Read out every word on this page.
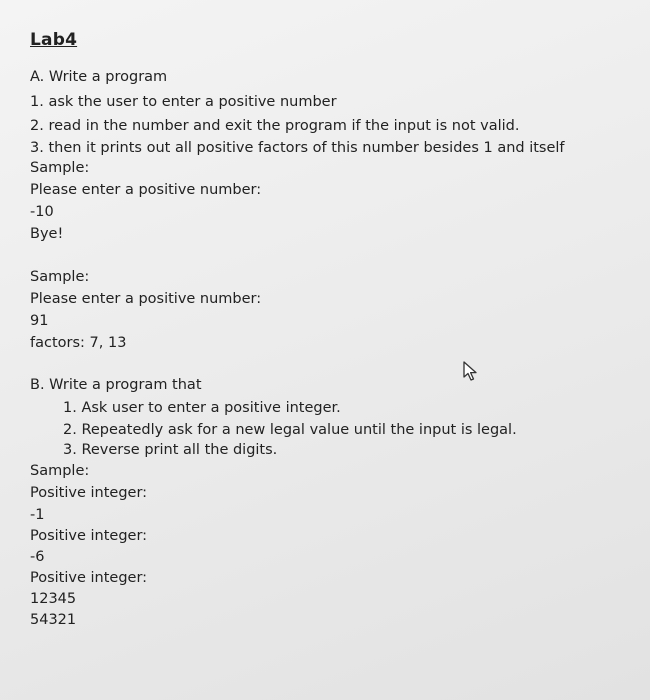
Lab4
A. Write a program
1. ask the user to enter a positive number
2. read in the number and exit the program if the input is not valid.
3. then it prints out all positive factors of this number besides 1 and itself
Sample:
Please enter a positive number:
-10
Bye!
Sample:
Please enter a positive number:
91
factors: 7, 13
B. Write a program that
1. Ask user to enter a positive integer.
2. Repeatedly ask for a new legal value until the input is legal.
3. Reverse print all the digits.
Sample:
Positive integer:
-1
Positive integer:
-6
Positive integer:
12345
54321
